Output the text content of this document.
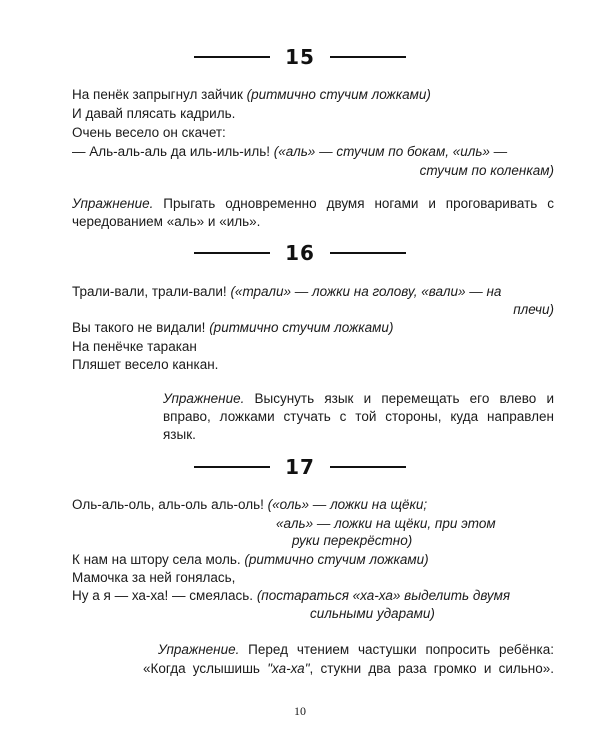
15
На пенёк запрыгнул зайчик (ритмично стучим ложками)
И давай плясать кадриль.
Очень весело он скачет:
— Аль-аль-аль да иль-иль-иль! («аль» — стучим по бокам, «иль» —
стучим по коленкам)
Упражнение. Прыгать одновременно двумя ногами и проговаривать с
чередованием «аль» и «иль».
16
Трали-вали, трали-вали! («трали» — ложки на голову, «вали» — на
плечи)
Вы такого не видали! (ритмично стучим ложками)
На пенёчке таракан
Пляшет весело канкан.
Упражнение. Высунуть язык и перемещать его влево и
вправо, ложками стучать с той стороны, куда направлен
язык.
17
Оль-аль-оль, аль-оль аль-оль! («оль» — ложки на щёки;
«аль» — ложки на щёки, при этом
руки перекрёстно)
К нам на штору села моль. (ритмично стучим ложками)
Мамочка за ней гонялась,
Ну а я — ха-ха! — смеялась. (постараться «ха-ха» выделить двумя
сильными ударами)
Упражнение. Перед чтением частушки попросить ребёнка:
«Когда услышишь "ха-ха", стукни два раза громко и сильно».
10
